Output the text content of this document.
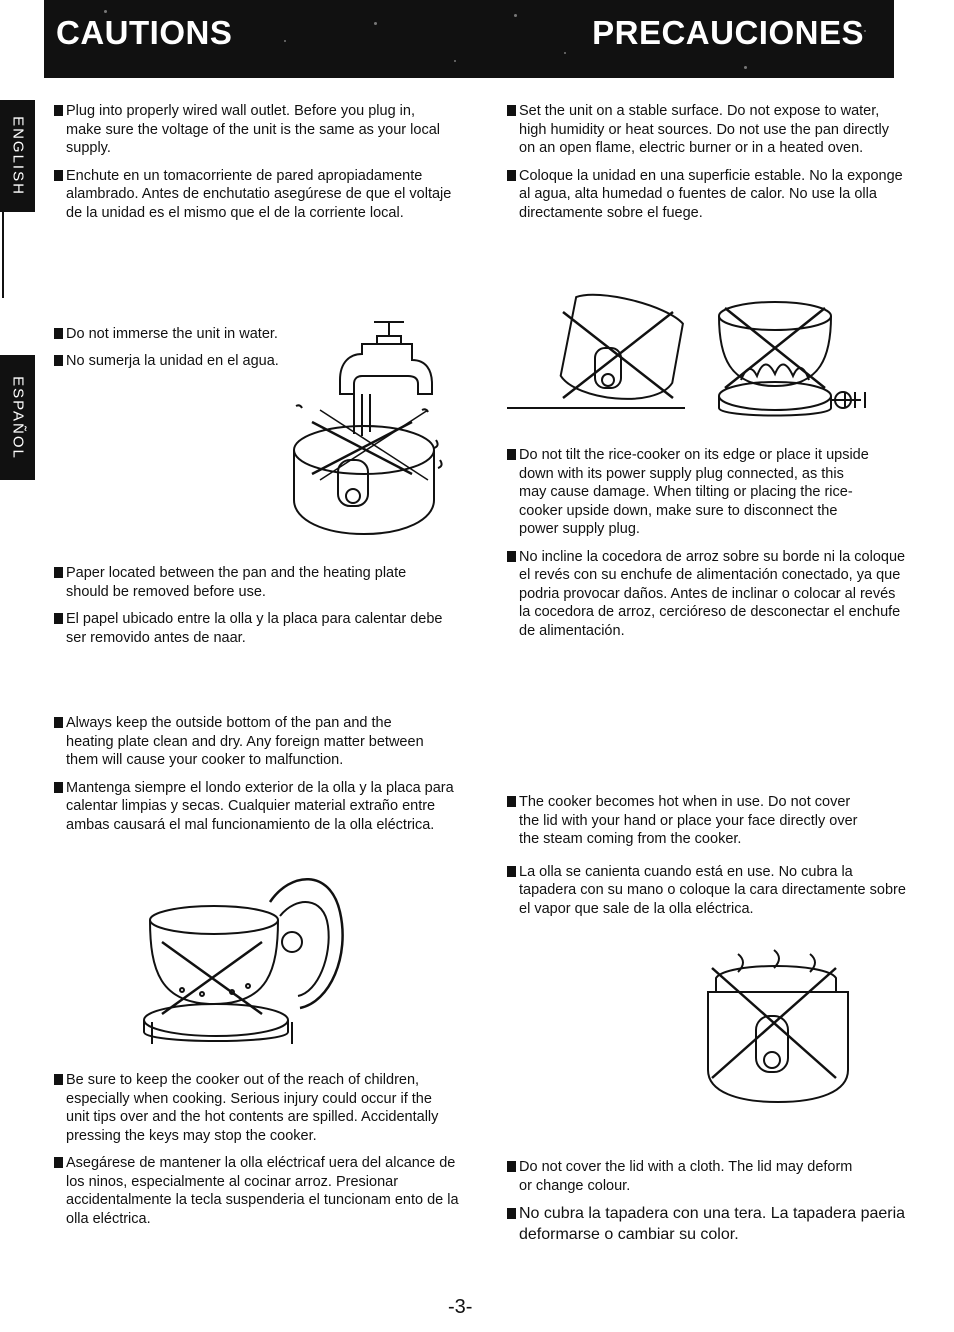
CAUTIONS	PRECAUCIONES
ENGLISH
ESPAÑOL

Plug into properly wired wall outlet. Before you plug in, make sure the voltage of the unit is the same as your local supply.

Enchute en un tomacorriente de pared apropiadamente alambrado. Antes de enchutatio asegúrese de que el voltaje de la unidad es el mismo que el de la corriente local.

Set the unit on a stable surface. Do not expose to water, high humidity or heat sources. Do not use the pan directly on an open flame, electric burner or in a heated oven.

Coloque la unidad en una superficie estable. No la exponge al agua, alta humedad o fuentes de calor. No use la olla directamente sobre el fuege.

Do not immerse the unit in water.

No sumerja la unidad en el agua.

Do not tilt the rice-cooker on its edge or place it upside down with its power supply plug connected, as this may cause damage. When tilting or placing the rice-cooker upside down, make sure to disconnect the power supply plug.

No incline la cocedora de arroz sobre su borde ni la coloque el revés con su enchufe de alimentación conectado, ya que podria provocar daños. Antes de inclinar o colocar al revés la cocedora de arroz, cercióreso de desconectar el enchufe de alimentación.

Paper located between the pan and the heating plate should be removed before use.

El papel ubicado entre la olla y la placa para calentar debe ser removido antes de naar.

Always keep the outside bottom of the pan and the heating plate clean and dry. Any foreign matter between them will cause your cooker to malfunction.

Mantenga siempre el londo exterior de la olla y la placa para calentar limpias y secas. Cualquier material extraño entre ambas causará el mal funcionamiento de la olla eléctrica.

The cooker becomes hot when in use. Do not cover the lid with your hand or place your face directly over the steam coming from the cooker.

La olla se canienta cuando está en use. No cubra la tapadera con su mano o coloque la cara directamente sobre el vapor que sale de la olla eléctrica.

Be sure to keep the cooker out of the reach of children, especially when cooking. Serious injury could occur if the unit tips over and the hot contents are spilled. Accidentally pressing the keys may stop the cooker.

Asegárese de mantener la olla eléctricaf uera del alcance de los ninos, especialmente al cocinar arroz. Presionar accidentalmente la tecla suspenderia el tuncionam ento de la olla eléctrica.

Do not cover the lid with a cloth. The lid may deform or change colour.

No cubra la tapadera con una tera. La tapadera paeria deformarse o cambiar su color.

-3-
